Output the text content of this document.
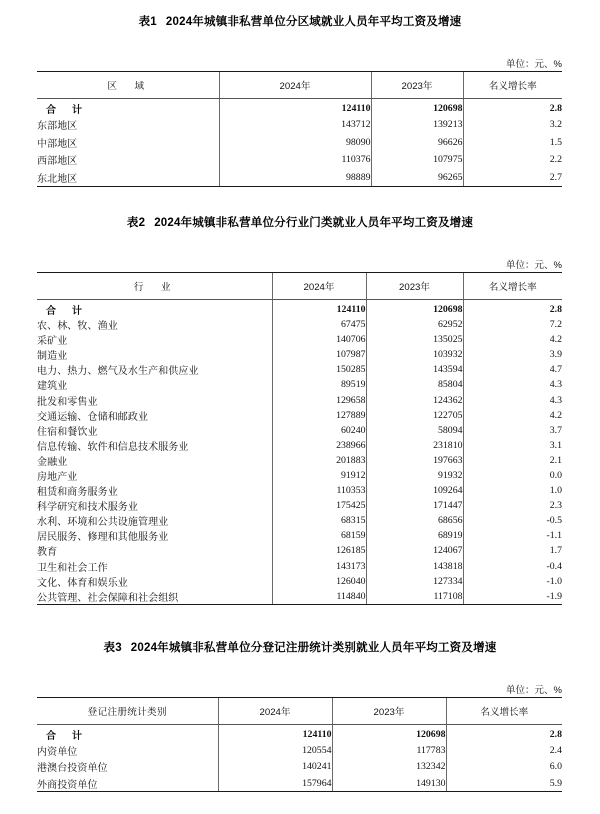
表1 2024年城镇非私营单位分区域就业人员年平均工资及增速
单位：元、%
区　域	2024年	2023年	名义增长率
合　计	124110	120698	2.8
东部地区	143712	139213	3.2
中部地区	98090	96626	1.5
西部地区	110376	107975	2.2
东北地区	98889	96265	2.7
表2 2024年城镇非私营单位分行业门类就业人员年平均工资及增速
单位：元、%
行　业	2024年	2023年	名义增长率
合　计	124110	120698	2.8
农、林、牧、渔业	67475	62952	7.2
采矿业	140706	135025	4.2
制造业	107987	103932	3.9
电力、热力、燃气及水生产和供应业	150285	143594	4.7
建筑业	89519	85804	4.3
批发和零售业	129658	124362	4.3
交通运输、仓储和邮政业	127889	122705	4.2
住宿和餐饮业	60240	58094	3.7
信息传输、软件和信息技术服务业	238966	231810	3.1
金融业	201883	197663	2.1
房地产业	91912	91932	0.0
租赁和商务服务业	110353	109264	1.0
科学研究和技术服务业	175425	171447	2.3
水利、环境和公共设施管理业	68315	68656	-0.5
居民服务、修理和其他服务业	68159	68919	-1.1
教育	126185	124067	1.7
卫生和社会工作	143173	143818	-0.4
文化、体育和娱乐业	126040	127334	-1.0
公共管理、社会保障和社会组织	114840	117108	-1.9
表3 2024年城镇非私营单位分登记注册统计类别就业人员年平均工资及增速
单位：元、%
登记注册统计类别	2024年	2023年	名义增长率
合　计	124110	120698	2.8
内资单位	120554	117783	2.4
港澳台投资单位	140241	132342	6.0
外商投资单位	157964	149130	5.9
